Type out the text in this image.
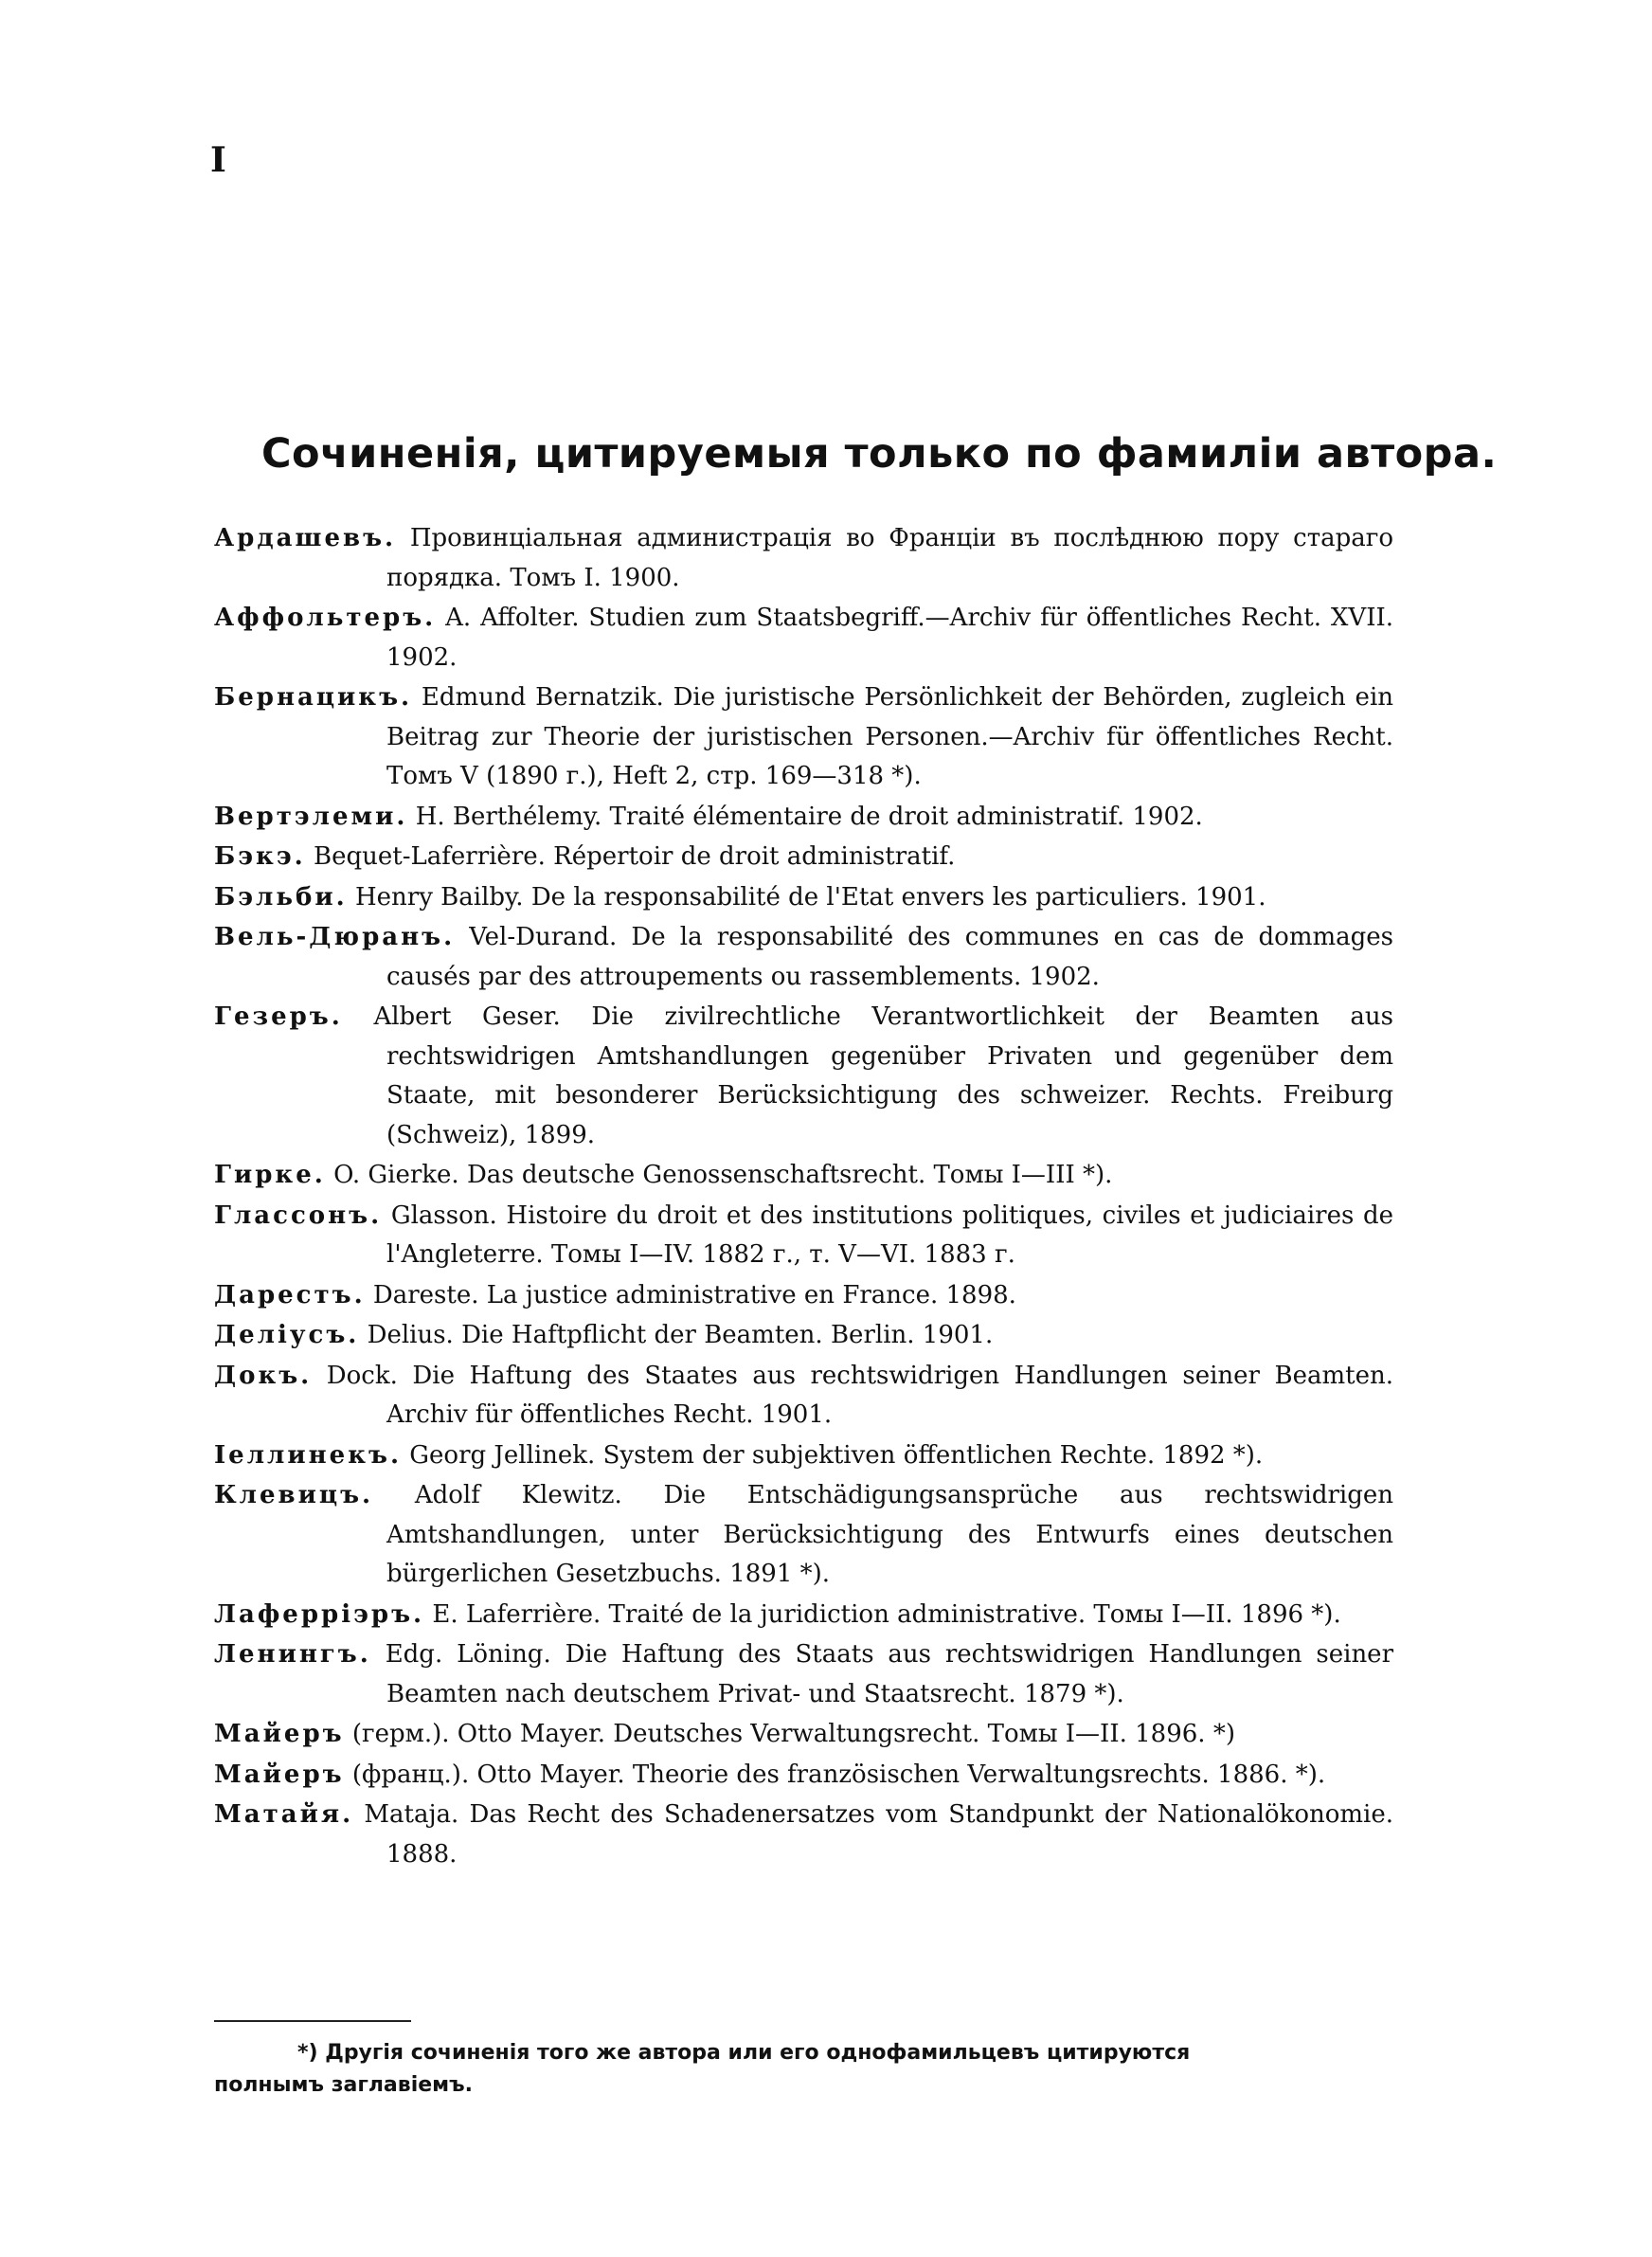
I
Сочиненія, цитируемыя только по фамиліи автора.
Ардашевъ. Провинціальная администрація во Франціи въ послѣднюю пору стараго порядка. Томъ I. 1900.
Аффольтеръ. A. Affolter. Studien zum Staatsbegriff.—Archiv für öffentliches Recht. XVII. 1902.
Бернацикъ. Edmund Bernatzik. Die juristische Persönlichkeit der Behörden, zugleich ein Beitrag zur Theorie der juristischen Personen.—Archiv für öffentliches Recht. Томъ V (1890 г.), Heft 2, стр. 169—318 *).
Вертэлеми. H. Berthélemy. Traité élémentaire de droit administratif. 1902.
Бэкэ. Bequet-Laferrière. Répertoir de droit administratif.
Бэльби. Henry Bailby. De la responsabilité de l'Etat envers les particuliers. 1901.
Вель-Дюранъ. Vel-Durand. De la responsabilité des communes en cas de dommages causés par des attroupements ou rassemblements. 1902.
Гезеръ. Albert Geser. Die zivilrechtliche Verantwortlichkeit der Beamten aus rechtswidrigen Amtshandlungen gegenüber Privaten und gegenüber dem Staate, mit besonderer Berücksichtigung des schweizer. Rechts. Freiburg (Schweiz), 1899.
Гирке. O. Gierke. Das deutsche Genossenschaftsrecht. Томы I—III *).
Глассонъ. Glasson. Histoire du droit et des institutions politiques, civiles et judiciaires de l'Angleterre. Томы I—IV. 1882 г., т. V—VI. 1883 г.
Дарестъ. Dareste. La justice administrative en France. 1898.
Делiусъ. Delius. Die Haftpflicht der Beamten. Berlin. 1901.
Докъ. Dock. Die Haftung des Staates aus rechtswidrigen Handlungen seiner Beamten. Archiv für öffentliches Recht. 1901.
Iеллинекъ. Georg Jellinek. System der subjektiven öffentlichen Rechte. 1892 *).
Клевицъ. Adolf Klewitz. Die Entschädigungsansprüche aus rechtswidrigen Amtshandlungen, unter Berücksichtigung des Entwurfs eines deutschen bürgerlichen Gesetzbuchs. 1891 *).
Лаферрiэръ. E. Laferrière. Traité de la juridiction administrative. Томы I—II. 1896 *).
Ленингъ. Edg. Löning. Die Haftung des Staats aus rechtswidrigen Handlungen seiner Beamten nach deutschem Privat- und Staatsrecht. 1879 *).
Майеръ (герм.). Otto Mayer. Deutsches Verwaltungsrecht. Томы I—II. 1896. *)
Майеръ (франц.). Otto Mayer. Theorie des französischen Verwaltungsrechts. 1886. *).
Матайя. Mataja. Das Recht des Schadenersatzes vom Standpunkt der Nationalökonomie. 1888.
*) Другія сочиненія того же автора или его однофамильцевъ цитируются
полнымъ заглавіемъ.
